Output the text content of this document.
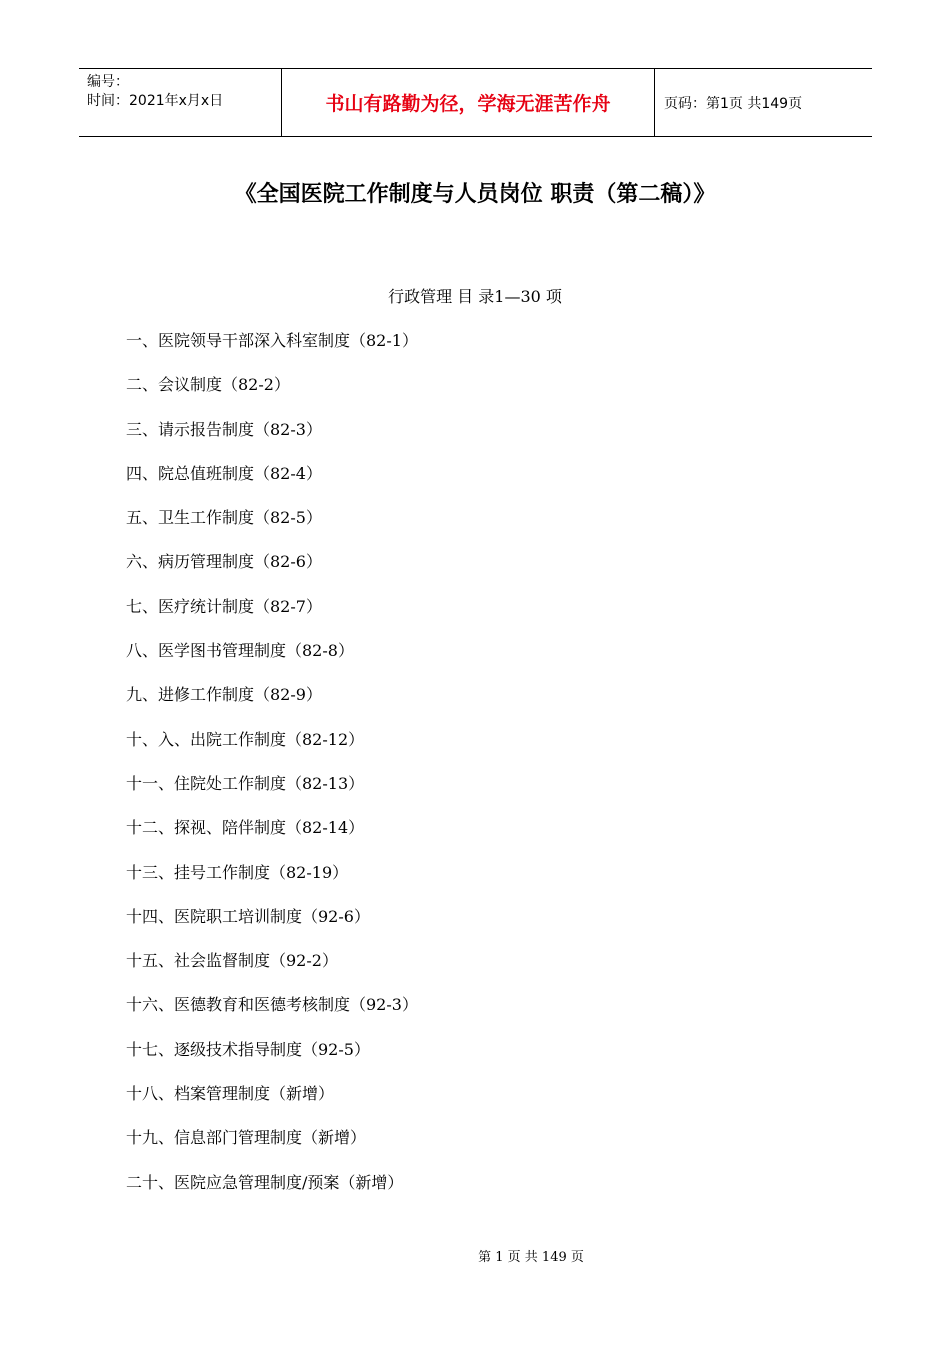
编号：
时间：2021年x月x日	书山有路勤为径，学海无涯苦作舟	页码：第1页 共149页
《全国医院工作制度与人员岗位 职责（第二稿）》
行政管理 目 录1—30 项
一、医院领导干部深入科室制度（82-1）
二、会议制度（82-2）
三、请示报告制度（82-3）
四、院总值班制度（82-4）
五、卫生工作制度（82-5）
六、病历管理制度（82-6）
七、医疗统计制度（82-7）
八、医学图书管理制度（82-8）
九、进修工作制度（82-9）
十、入、出院工作制度（82-12）
十一、住院处工作制度（82-13）
十二、探视、陪伴制度（82-14）
十三、挂号工作制度（82-19）
十四、医院职工培训制度（92-6）
十五、社会监督制度（92-2）
十六、医德教育和医德考核制度（92-3）
十七、逐级技术指导制度（92-5）
十八、档案管理制度（新增）
十九、信息部门管理制度（新增）
二十、医院应急管理制度/预案（新增）
第 1 页 共 149 页
